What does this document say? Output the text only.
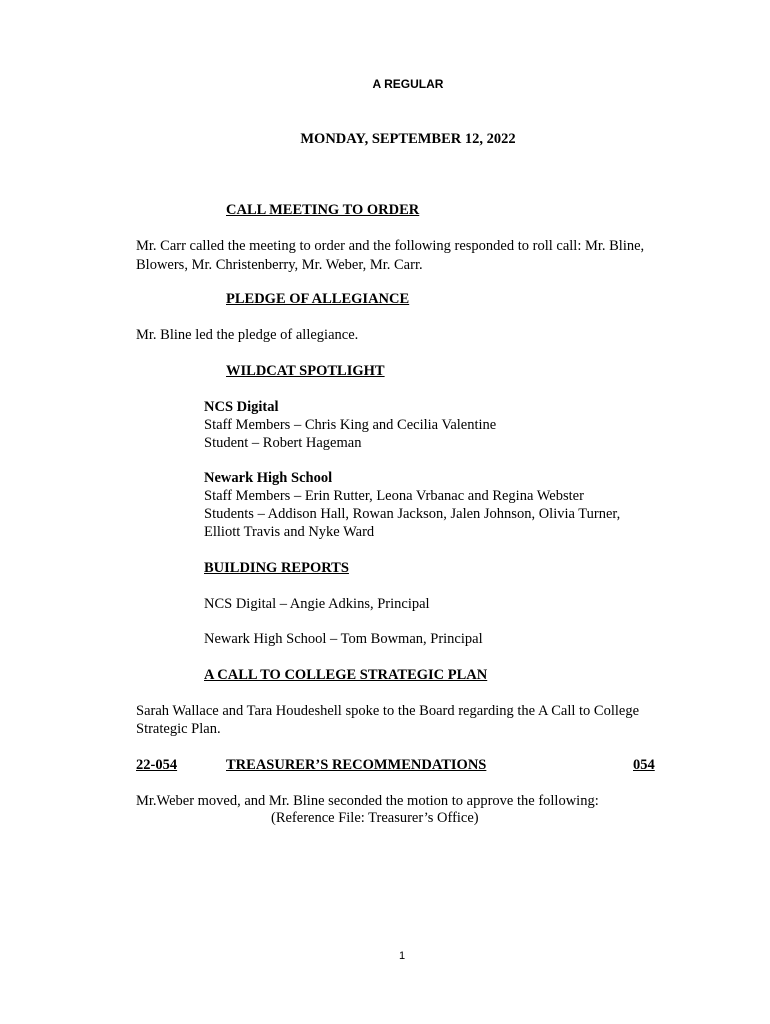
A REGULAR
MONDAY, SEPTEMBER 12, 2022
CALL MEETING TO ORDER
Mr. Carr called the meeting to order and the following responded to roll call: Mr. Bline,
Blowers, Mr. Christenberry, Mr. Weber, Mr. Carr.
PLEDGE OF ALLEGIANCE
Mr. Bline led the pledge of allegiance.
WILDCAT SPOTLIGHT
NCS Digital
Staff Members – Chris King and Cecilia Valentine
Student – Robert Hageman
Newark High School
Staff Members – Erin Rutter, Leona Vrbanac and Regina Webster
Students – Addison Hall, Rowan Jackson, Jalen Johnson, Olivia Turner,
Elliott Travis and Nyke Ward
BUILDING REPORTS
NCS Digital – Angie Adkins, Principal
Newark High School – Tom Bowman, Principal
A CALL TO COLLEGE STRATEGIC PLAN
Sarah Wallace and Tara Houdeshell spoke to the Board regarding the A Call to College
Strategic Plan.
22-054	TREASURER’S RECOMMENDATIONS	054
Mr.Weber moved, and Mr. Bline seconded the motion to approve the following:
(Reference File: Treasurer’s Office)
1
